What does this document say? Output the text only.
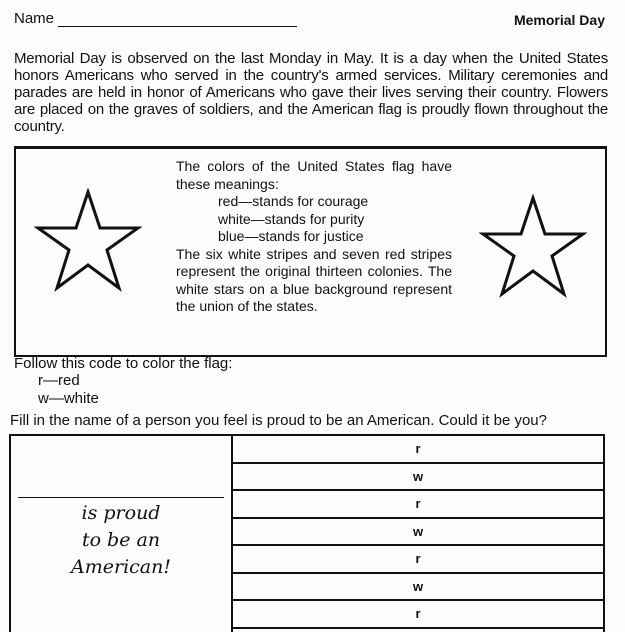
Name	Memorial Day
Memorial Day is observed on the last Monday in May. It is a day when the United States honors Americans who served in the country's armed services. Military ceremonies and parades are held in honor of Americans who gave their lives serving their country. Flowers are placed on the graves of soldiers, and the American flag is proudly flown throughout the country.
The colors of the United States flag have these meanings:
red—stands for courage
white—stands for purity
blue—stands for justice
The six white stripes and seven red stripes represent the original thirteen colonies. The white stars on a blue background represent the union of the states.
Follow this code to color the flag:
r—red
w—white
Fill in the name of a person you feel is proud to be an American. Could it be you?
is proud
to be an
American!
r
w
r
w
r
w
r
